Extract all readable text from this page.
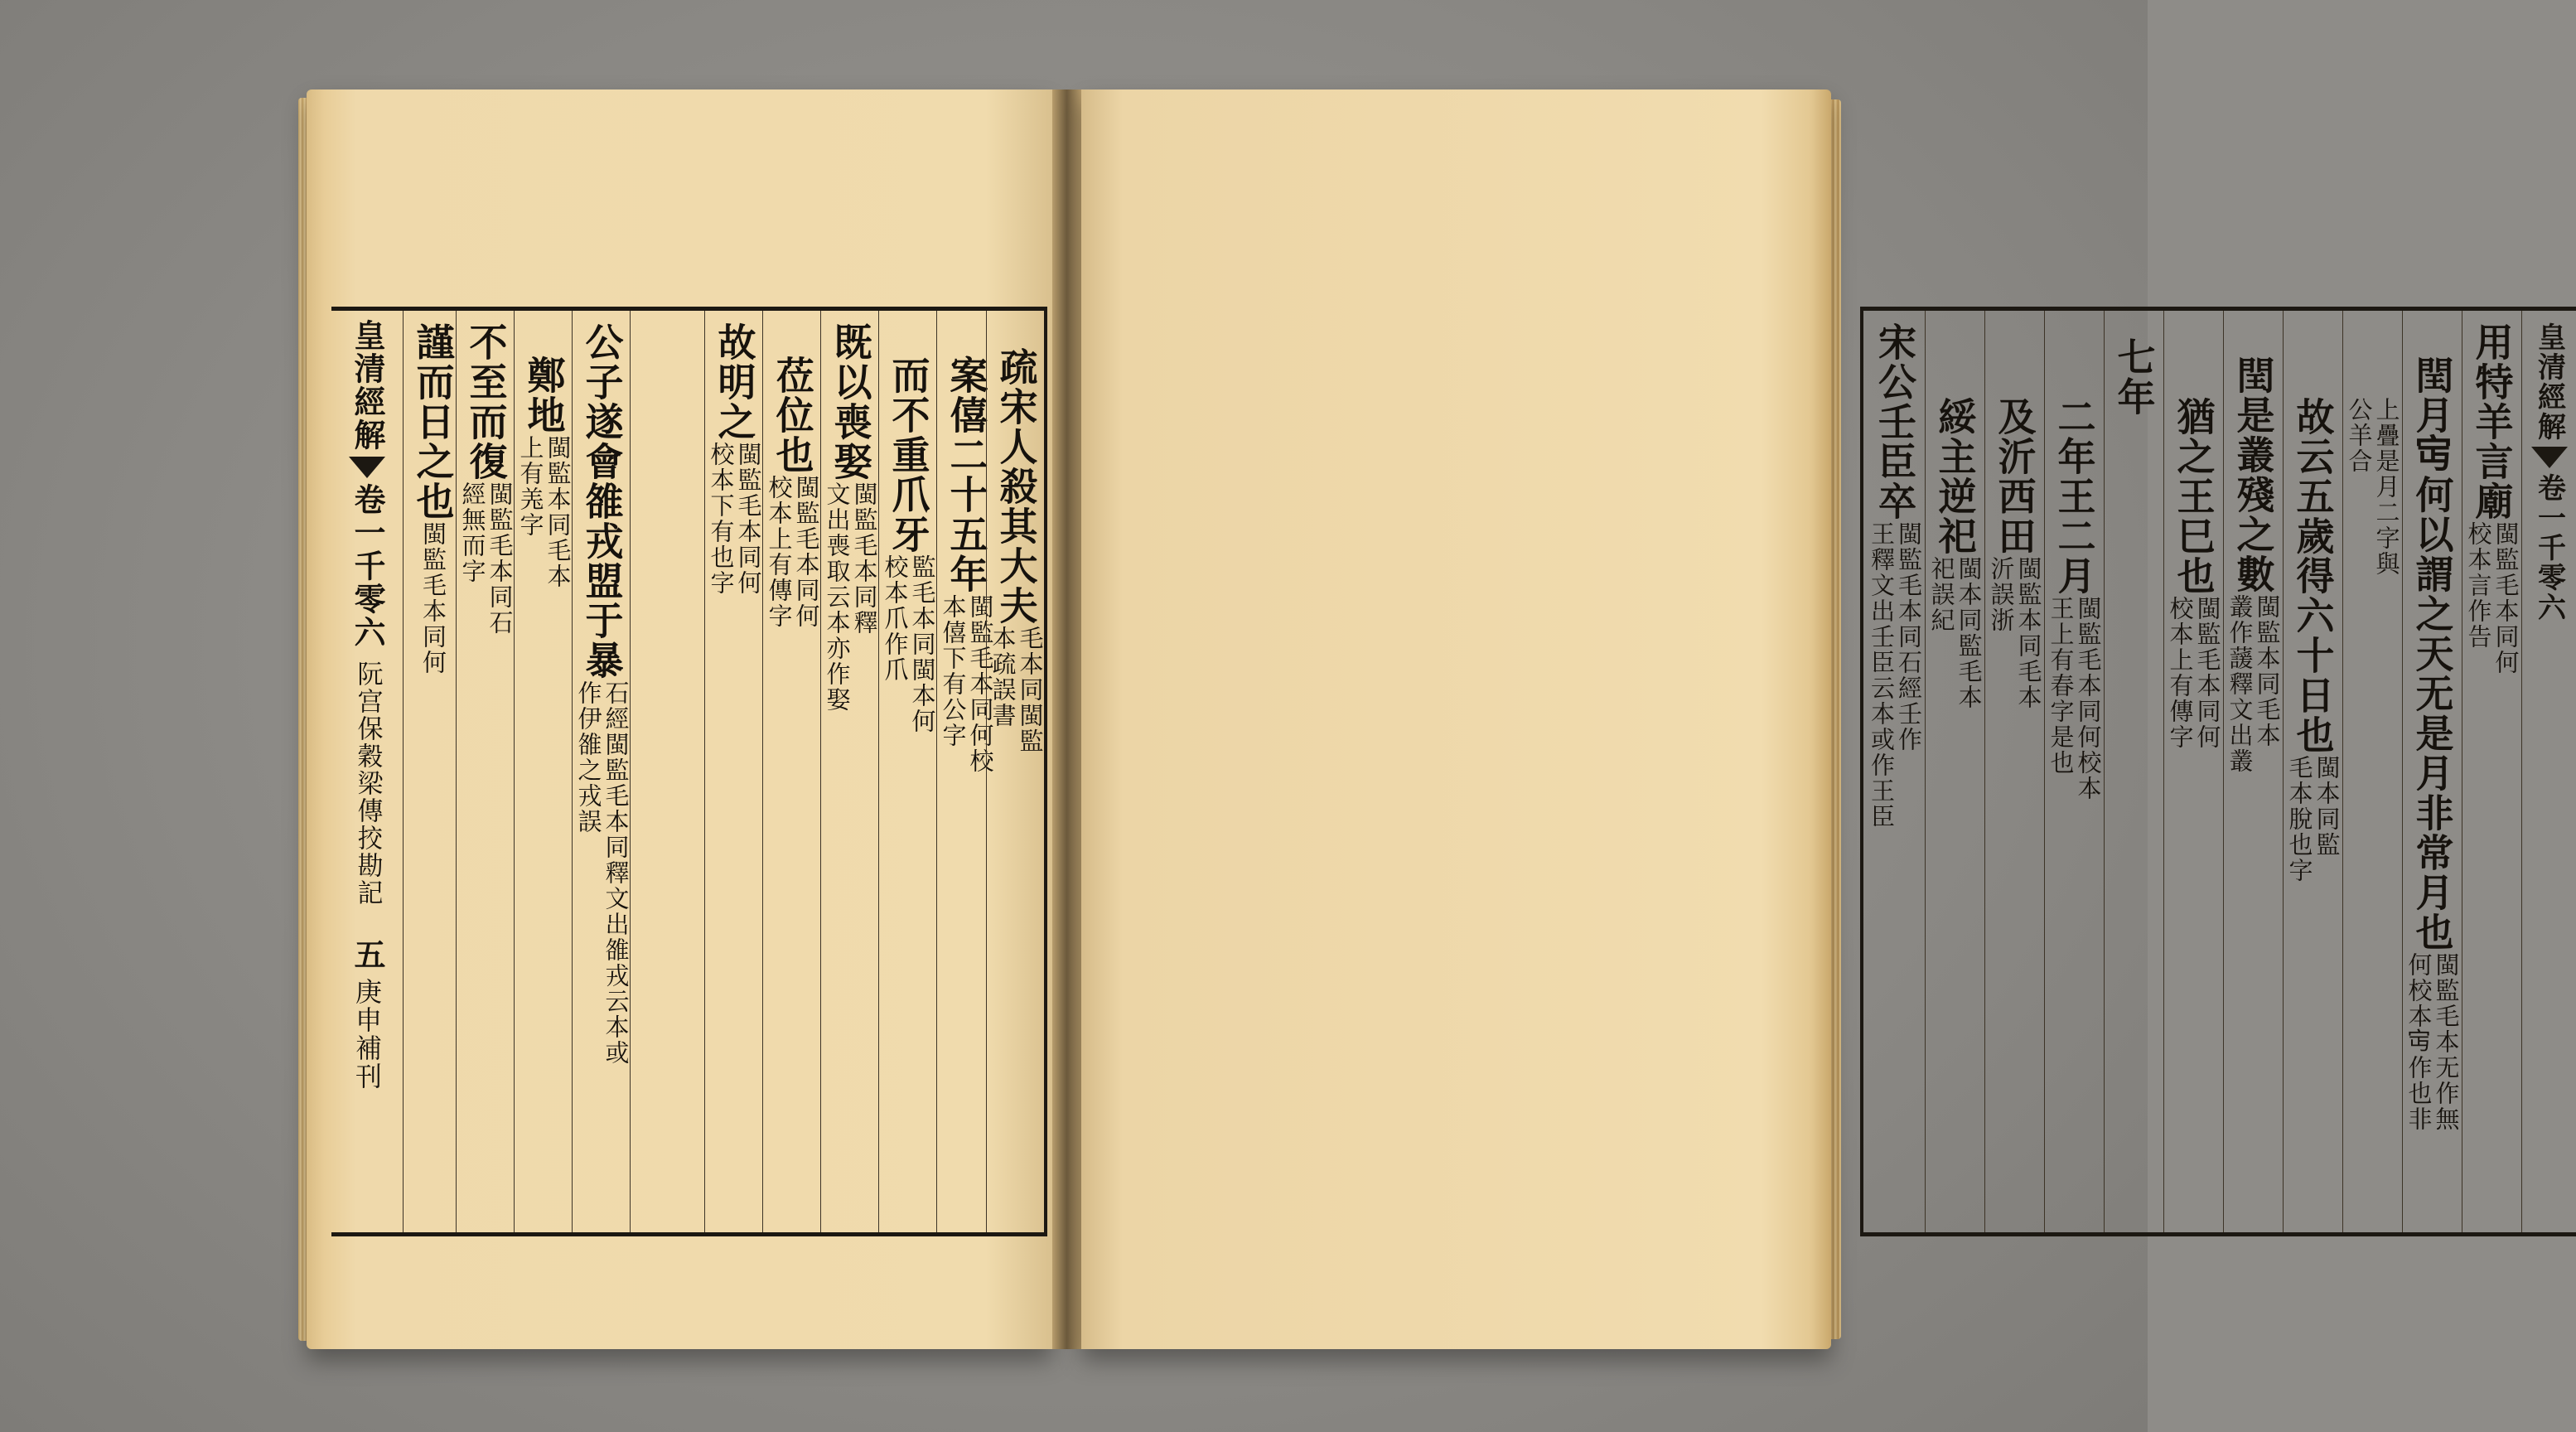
皇清經解
卷一千零六
阮宫保穀梁傳挍勘記
五
庚申補刊
謹而日之也
閩監毛本同何
不至而復
閩監毛本同石
經無而字
鄭地
閩監本同毛本
上有𦍑字 公子遂會雒戎盟于暴
石經閩監毛本同釋文出雒戎云本或
作伊雒之戎誤
故明之
閩監毛本同何
校本下有也字
莅位也
閩監毛本同何
校本上有傳字
既以喪娶
閩監毛本同釋
文出喪取云本亦作娶
而不重爪牙
監毛本同閩本何
校本爪作爪
案僖二十五年
閩監毛本同何校
本僖下有公字
疏宋人殺其大夫
毛本同閩監
本疏誤書
宋公壬臣卒
閩監毛本同石經壬作
王釋文出壬臣云本或作王臣
綏主逆祀
閩本同監毛本
祀誤紀
及沂西田
閩監本同毛本
沂誤浙 二年王二月
閩監毛本同何校本
王上有春字是也
七年
猶之王巳也
閩監毛本同何
校本上有傳字
閏是叢殘之數
閩監本同毛本
叢作蘐釋文出叢 故云五歲得六十日也
閩本同監
毛本脫也字
上疊是月二字與
公羊合 閏月𡧍何以謂之天无是月非常月也
閩監毛本无作無
何校本𡧍作也非
用特羊言廟
閩監毛本同何
校本言作告
皇清經解
卷一千零六
